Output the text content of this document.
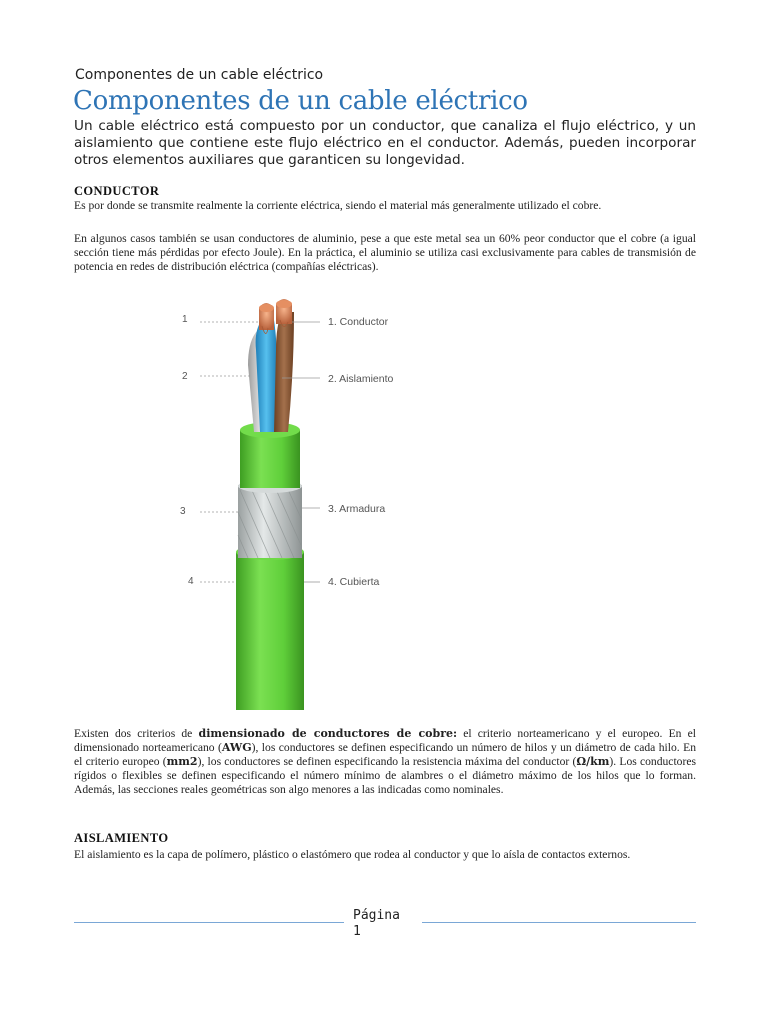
Componentes de un cable eléctrico
Componentes de un cable eléctrico

Un cable eléctrico está compuesto por un conductor, que canaliza el flujo eléctrico, y un aislamiento que contiene este flujo eléctrico en el conductor. Además, pueden incorporar otros elementos auxiliares que garanticen su longevidad.

CONDUCTOR

Es por donde se transmite realmente la corriente eléctrica, siendo el material más generalmente utilizado el cobre.

En algunos casos también se usan conductores de aluminio, pese a que este metal sea un 60% peor conductor que el cobre (a igual sección tiene más pérdidas por efecto Joule). En la práctica, el aluminio se utiliza casi exclusivamente para cables de transmisión de potencia en redes de distribución eléctrica (compañías eléctricas).

1
2
3
4
1. Conductor
2. Aislamiento
3. Armadura
4. Cubierta

Existen dos criterios de dimensionado de conductores de cobre: el criterio norteamericano y el europeo. En el dimensionado norteamericano (AWG), los conductores se definen especificando un número de hilos y un diámetro de cada hilo. En el criterio europeo (mm2), los conductores se definen especificando la resistencia máxima del conductor (Ω/km). Los conductores rígidos o flexibles se definen especificando el número mínimo de alambres o el diámetro máximo de los hilos que lo forman. Además, las secciones reales geométricas son algo menores a las indicadas como nominales.

AISLAMIENTO

El aislamiento es la capa de polímero, plástico o elastómero que rodea al conductor y que lo aísla de contactos externos.

Página
1
